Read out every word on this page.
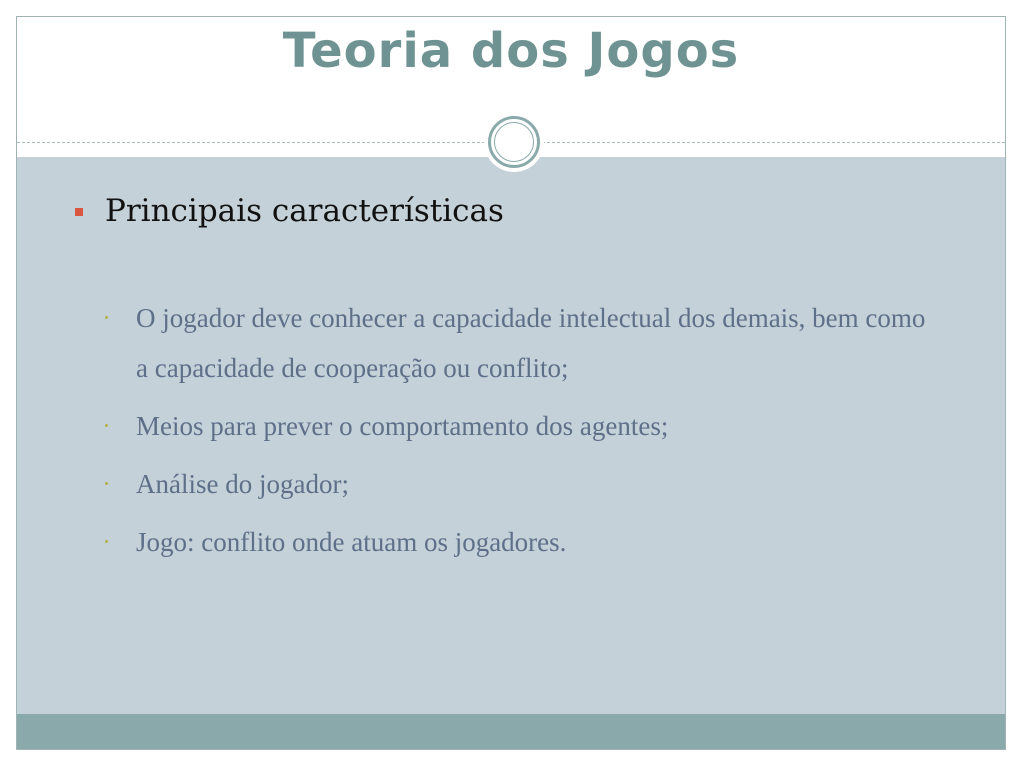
Teoria dos Jogos
Principais características
O jogador deve conhecer a capacidade intelectual dos demais, bem como a capacidade de cooperação ou conflito;
Meios para prever o comportamento dos agentes;
Análise do jogador;
Jogo: conflito onde atuam os jogadores.
